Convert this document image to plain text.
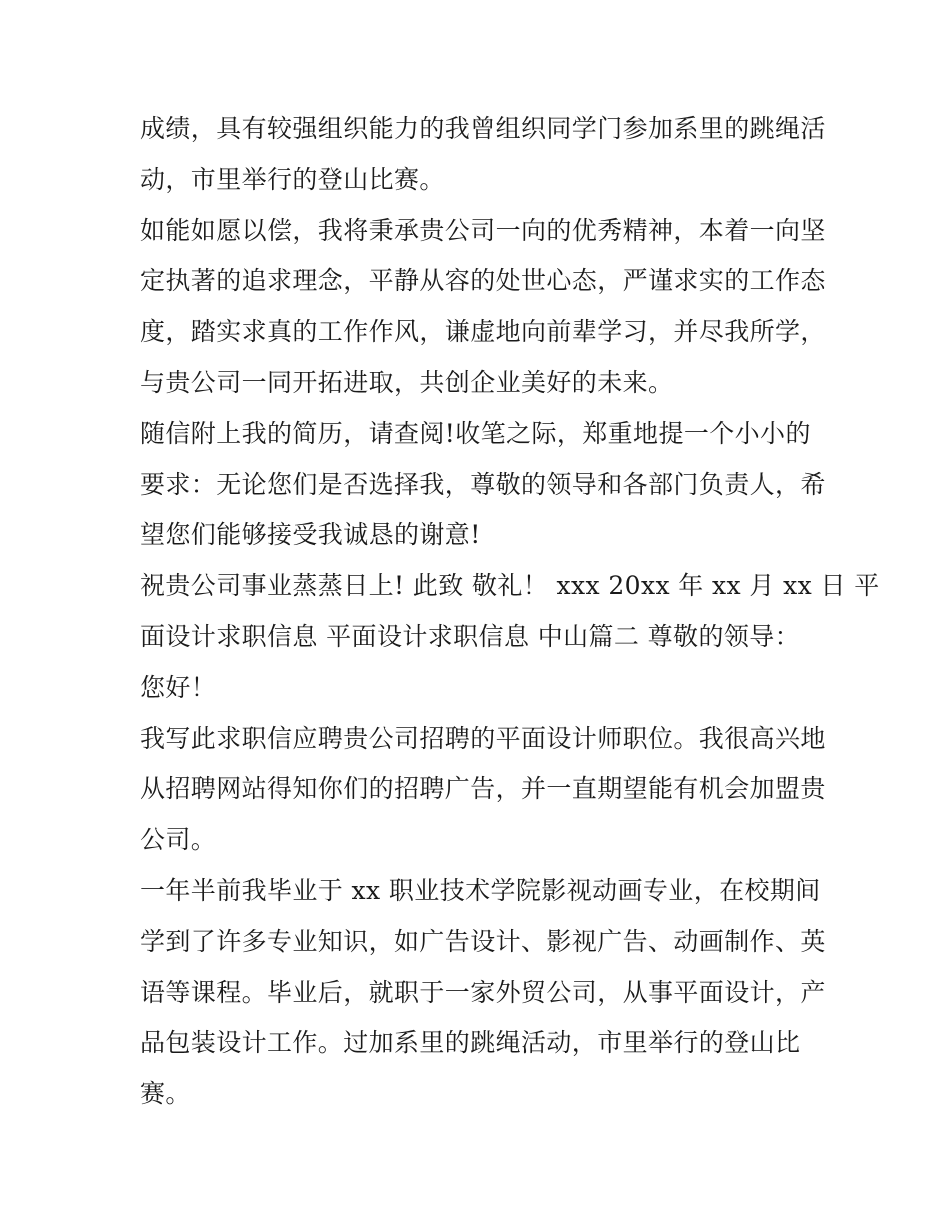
成绩，具有较强组织能力的我曾组织同学门参加系里的跳绳活
动，市里举行的登山比赛。
如能如愿以偿，我将秉承贵公司一向的优秀精神，本着一向坚
定执著的追求理念，平静从容的处世心态，严谨求实的工作态
度，踏实求真的工作作风，谦虚地向前辈学习，并尽我所学，
与贵公司一同开拓进取，共创企业美好的未来。
随信附上我的简历，请查阅!收笔之际，郑重地提一个小小的
要求：无论您们是否选择我，尊敬的领导和各部门负责人，希
望您们能够接受我诚恳的谢意!
祝贵公司事业蒸蒸日上! 此致 敬礼！ xxx 20xx 年 xx 月 xx 日 平
面设计求职信息 平面设计求职信息 中山篇二 尊敬的领导：
您好！
我写此求职信应聘贵公司招聘的平面设计师职位。我很高兴地
从招聘网站得知你们的招聘广告，并一直期望能有机会加盟贵
公司。
一年半前我毕业于 xx 职业技术学院影视动画专业，在校期间
学到了许多专业知识，如广告设计、影视广告、动画制作、英
语等课程。毕业后，就职于一家外贸公司，从事平面设计，产
品包装设计工作。过加系里的跳绳活动，市里举行的登山比
赛。
